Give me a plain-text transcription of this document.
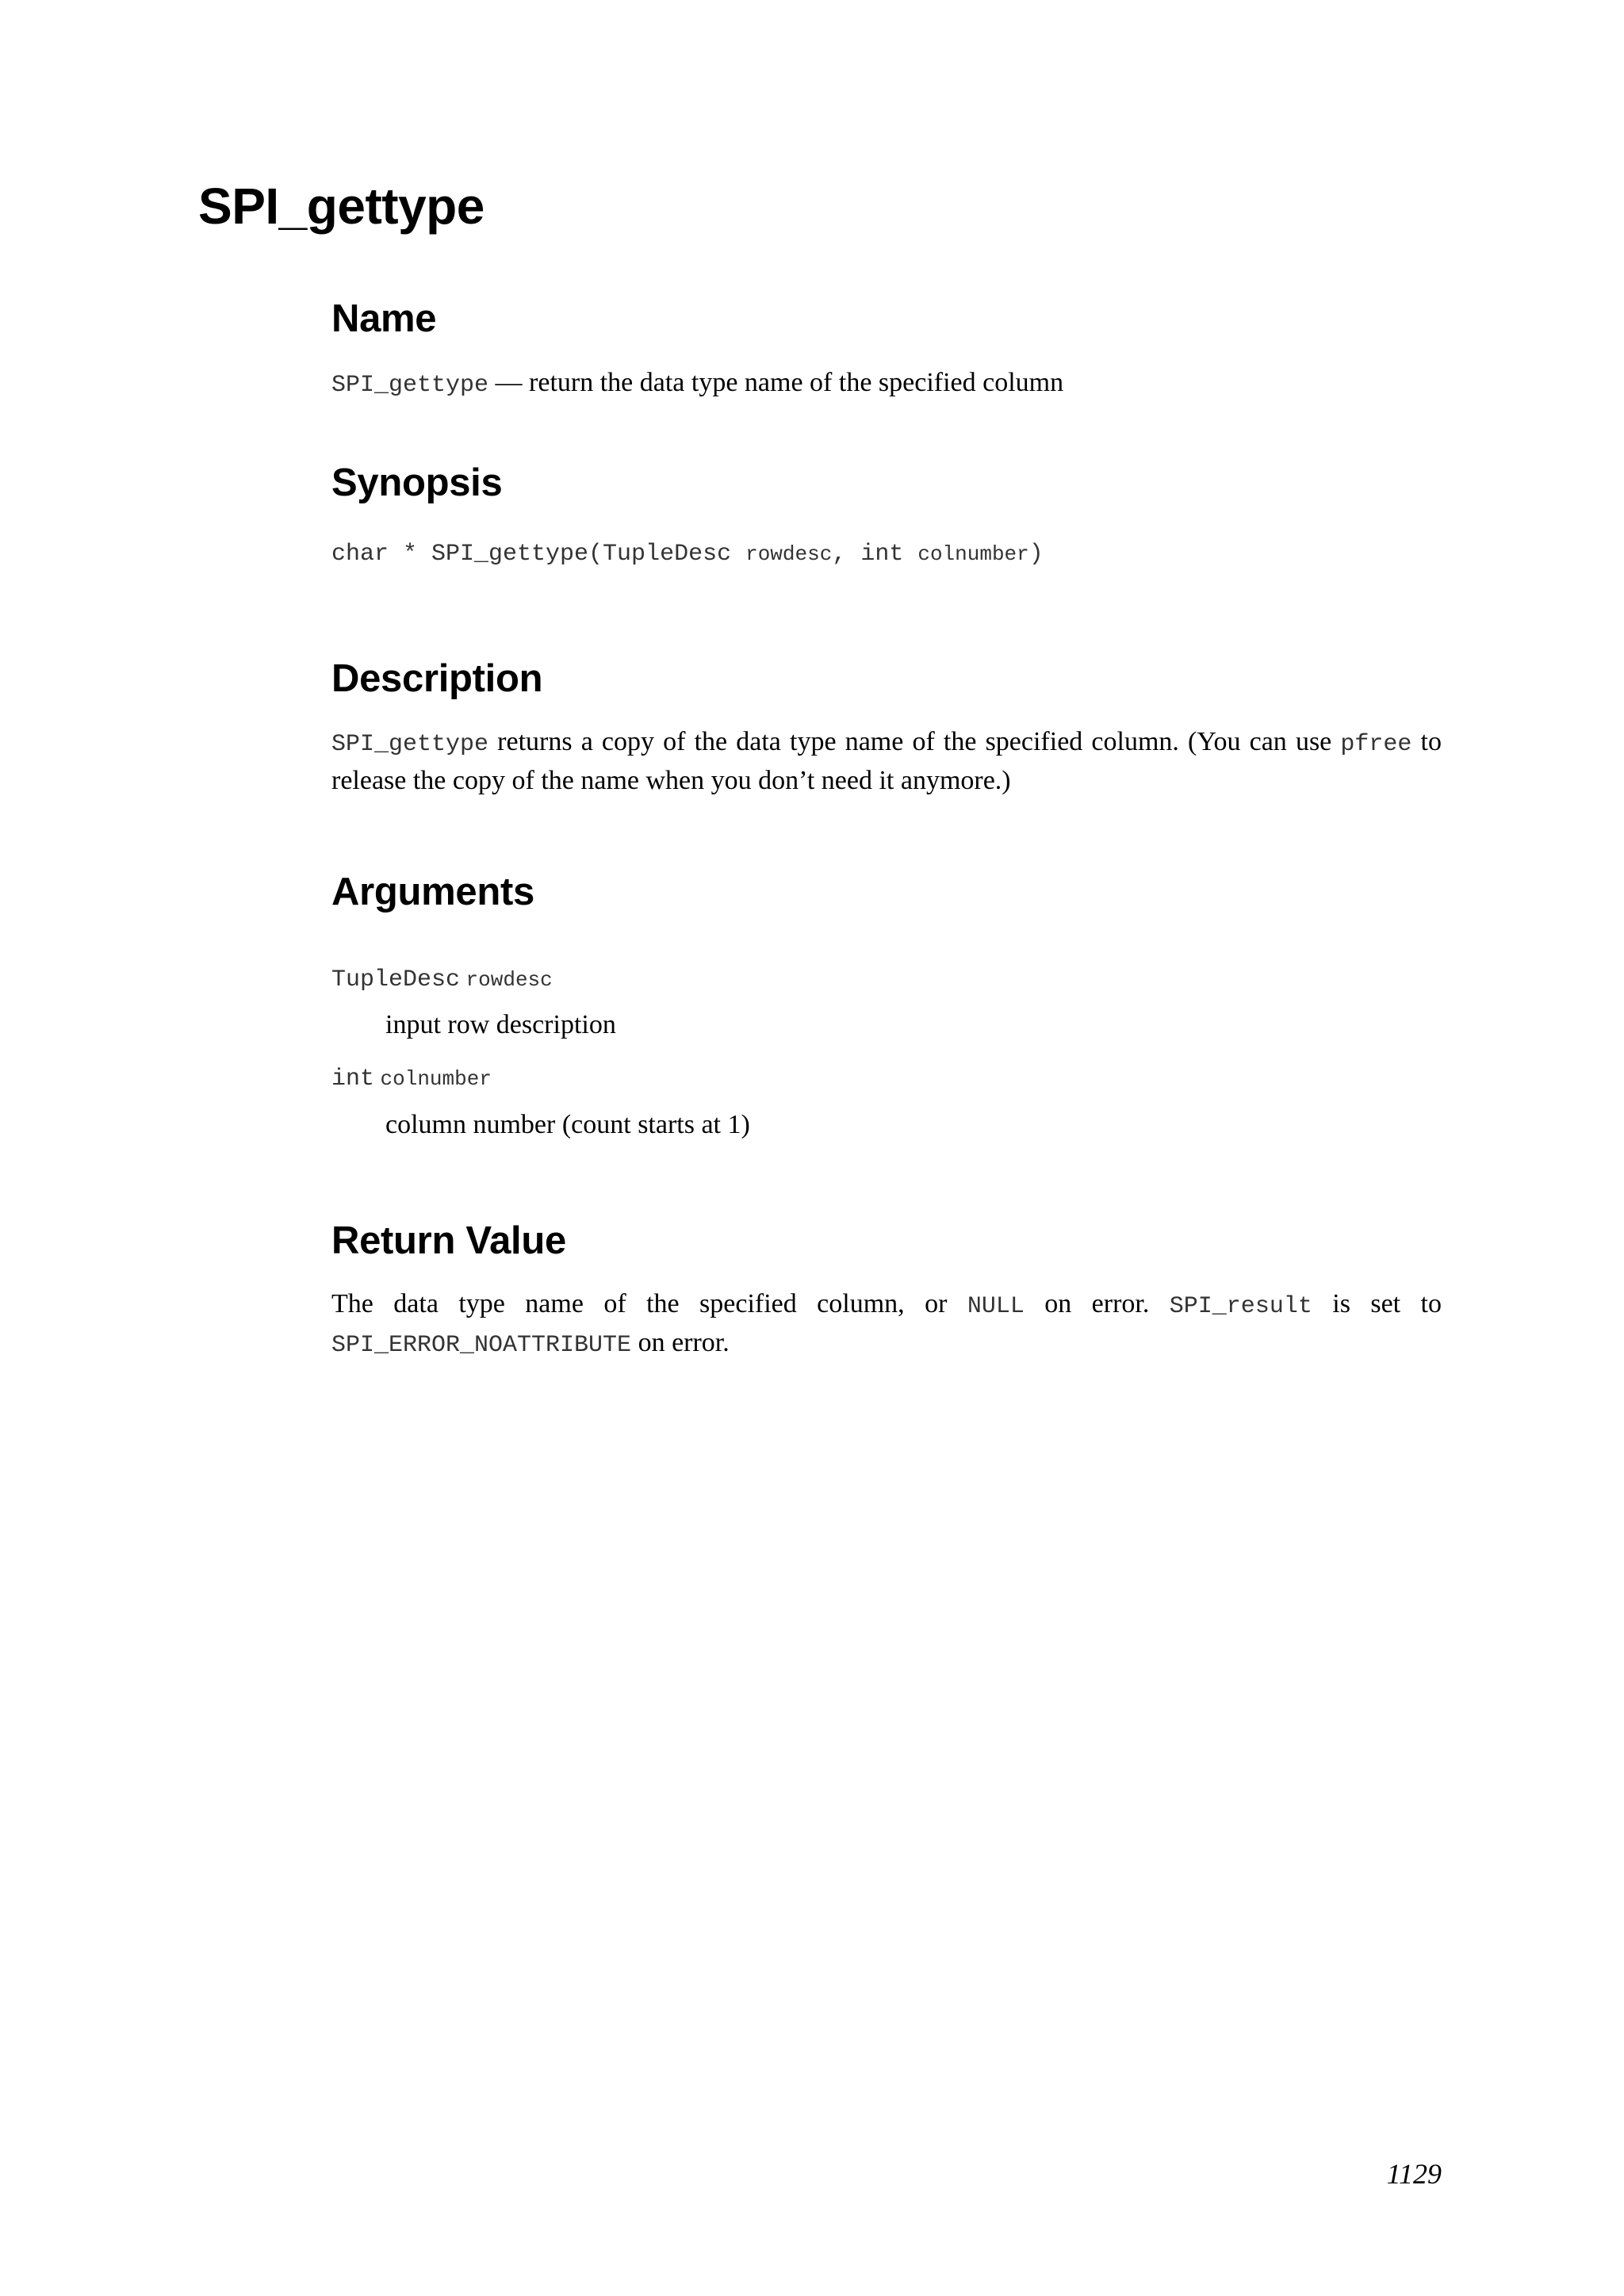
SPI_gettype
Name

SPI_gettype — return the data type name of the specified column

Synopsis

char * SPI_gettype(TupleDesc rowdesc, int colnumber)

Description

SPI_gettype returns a copy of the data type name of the specified column. (You can use pfree to release the copy of the name when you don’t need it anymore.)

Arguments

TupleDesc rowdesc

input row description

int colnumber

column number (count starts at 1)

Return Value

The data type name of the specified column, or NULL on error. SPI_result is set to SPI_ERROR_NOATTRIBUTE on error.

1129
